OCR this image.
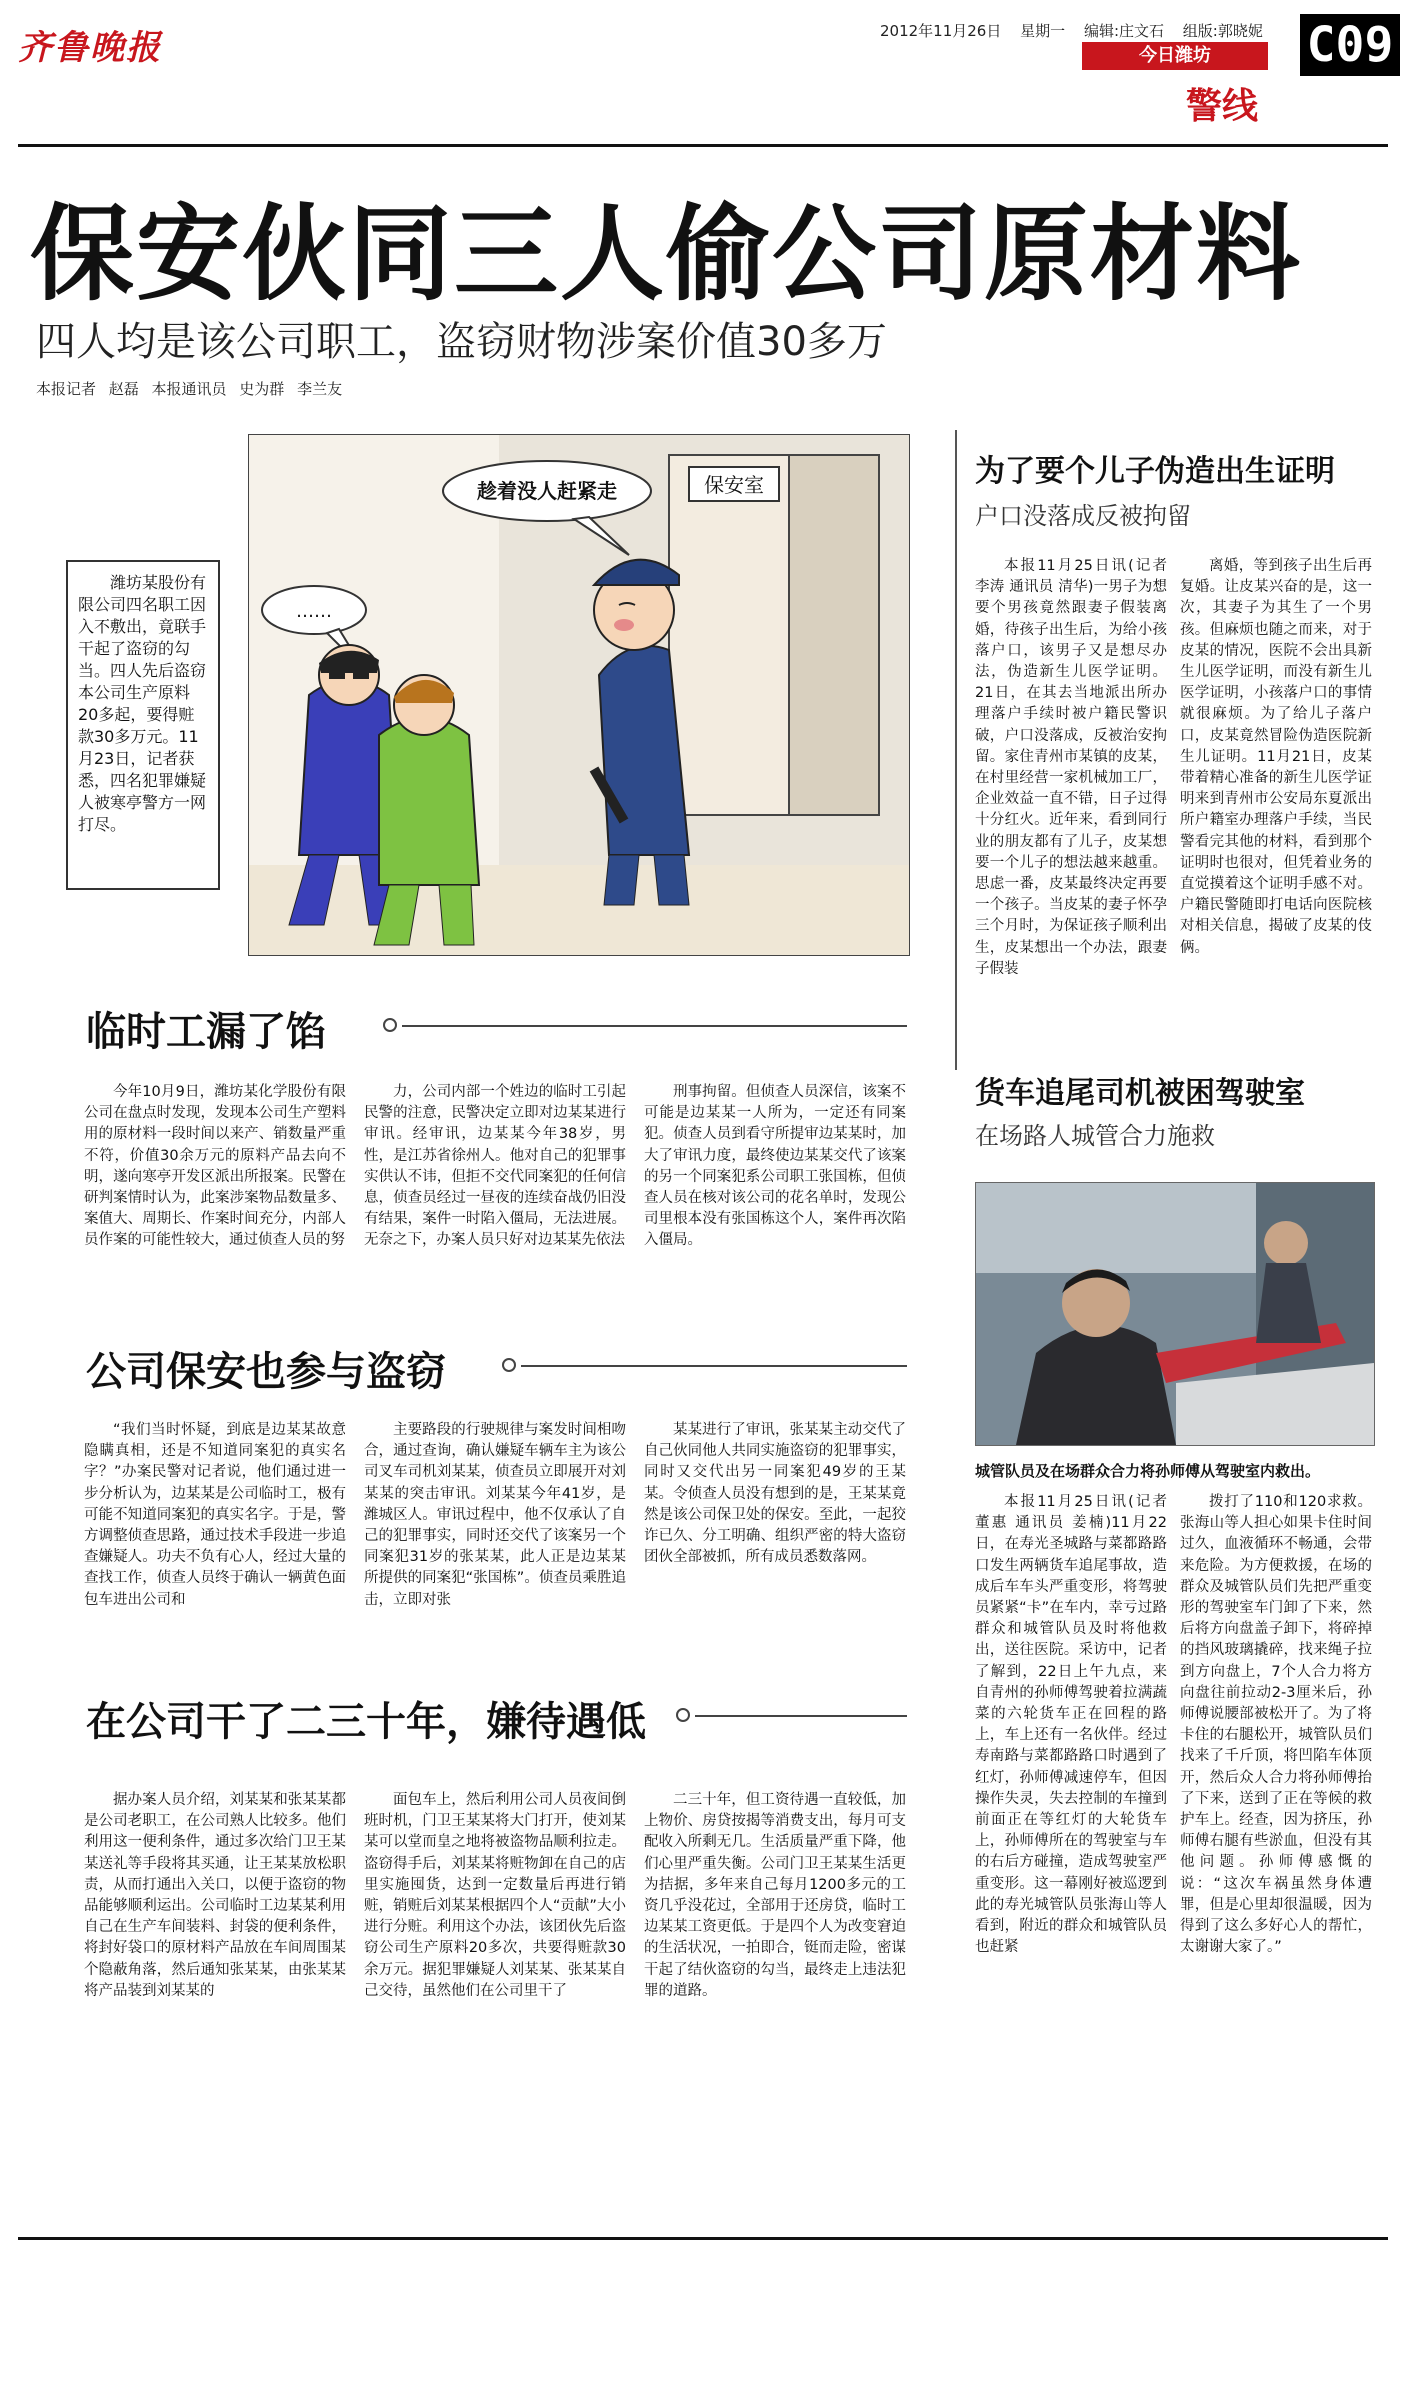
齐鲁晚报	2012年11月26日 星期一 编辑:庄文石 组版:郭晓妮
今日潍坊
警线
C09
保安伙同三人偷公司原材料
四人均是该公司职工，盗窃财物涉案价值30多万
本报记者 赵磊 本报通讯员 史为群 李兰友
保安室
趁着没人赶紧走
……
潍坊某股份有限公司四名职工因入不敷出，竟联手干起了盗窃的勾当。四人先后盗窃本公司生产原料20多起，要得赃款30多万元。11月23日，记者获悉，四名犯罪嫌疑人被寒亭警方一网打尽。
临时工漏了馅
今年10月9日，潍坊某化学股份有限公司在盘点时发现，发现本公司生产塑料用的原材料一段时间以来产、销数量严重不符，价值30余万元的原料产品去向不明，遂向寒亭开发区派出所报案。民警在研判案情时认为，此案涉案物品数量多、案值大、周期长、作案时间充分，内部人员作案的可能性较大，通过侦查人员的努
力，公司内部一个姓边的临时工引起民警的注意，民警决定立即对边某某进行审讯。经审讯，边某某今年38岁，男性，是江苏省徐州人。他对自己的犯罪事实供认不讳，但拒不交代同案犯的任何信息，侦查员经过一昼夜的连续奋战仍旧没有结果，案件一时陷入僵局，无法进展。无奈之下，办案人员只好对边某某先依法
刑事拘留。但侦查人员深信，该案不可能是边某某一人所为，一定还有同案犯。侦查人员到看守所提审边某某时，加大了审讯力度，最终使边某某交代了该案的另一个同案犯系公司职工张国栋，但侦查人员在核对该公司的花名单时，发现公司里根本没有张国栋这个人，案件再次陷入僵局。
公司保安也参与盗窃
“我们当时怀疑，到底是边某某故意隐瞒真相，还是不知道同案犯的真实名字？”办案民警对记者说，他们通过进一步分析认为，边某某是公司临时工，极有可能不知道同案犯的真实名字。于是，警方调整侦查思路，通过技术手段进一步追查嫌疑人。功夫不负有心人，经过大量的查找工作，侦查人员终于确认一辆黄色面包车进出公司和
主要路段的行驶规律与案发时间相吻合，通过查询，确认嫌疑车辆车主为该公司叉车司机刘某某，侦查员立即展开对刘某某的突击审讯。刘某某今年41岁，是潍城区人。审讯过程中，他不仅承认了自己的犯罪事实，同时还交代了该案另一个同案犯31岁的张某某，此人正是边某某所提供的同案犯“张国栋”。侦查员乘胜追击，立即对张
某某进行了审讯，张某某主动交代了自己伙同他人共同实施盗窃的犯罪事实，同时又交代出另一同案犯49岁的王某某。令侦查人员没有想到的是，王某某竟然是该公司保卫处的保安。至此，一起狡诈已久、分工明确、组织严密的特大盗窃团伙全部被抓，所有成员悉数落网。
在公司干了二三十年，嫌待遇低
据办案人员介绍，刘某某和张某某都是公司老职工，在公司熟人比较多。他们利用这一便利条件，通过多次给门卫王某某送礼等手段将其买通，让王某某放松职责，从而打通出入关口，以便于盗窃的物品能够顺利运出。公司临时工边某某利用自己在生产车间装料、封袋的便利条件，将封好袋口的原材料产品放在车间周围某个隐蔽角落，然后通知张某某，由张某某将产品装到刘某某的
面包车上，然后利用公司人员夜间倒班时机，门卫王某某将大门打开，使刘某某可以堂而皇之地将被盗物品顺利拉走。盗窃得手后，刘某某将赃物卸在自己的店里实施囤货，达到一定数量后再进行销赃，销赃后刘某某根据四个人“贡献”大小进行分赃。利用这个办法，该团伙先后盗窃公司生产原料20多次，共要得赃款30余万元。据犯罪嫌疑人刘某某、张某某自己交待，虽然他们在公司里干了
二三十年，但工资待遇一直较低，加上物价、房贷按揭等消费支出，每月可支配收入所剩无几。生活质量严重下降，他们心里严重失衡。公司门卫王某某生活更为拮据，多年来自己每月1200多元的工资几乎没花过，全部用于还房贷，临时工边某某工资更低。于是四个人为改变窘迫的生活状况，一拍即合，铤而走险，密谋干起了结伙盗窃的勾当，最终走上违法犯罪的道路。
为了要个儿子伪造出生证明
户口没落成反被拘留
本报11月25日讯(记者 李涛 通讯员 清华)一男子为想要个男孩竟然跟妻子假装离婚，待孩子出生后，为给小孩落户口，该男子又是想尽办法，伪造新生儿医学证明。21日，在其去当地派出所办理落户手续时被户籍民警识破，户口没落成，反被治安拘留。家住青州市某镇的皮某，在村里经营一家机械加工厂，企业效益一直不错，日子过得十分红火。近年来，看到同行业的朋友都有了儿子，皮某想要一个儿子的想法越来越重。思虑一番，皮某最终决定再要一个孩子。当皮某的妻子怀孕三个月时，为保证孩子顺利出生，皮某想出一个办法，跟妻子假装
离婚，等到孩子出生后再复婚。让皮某兴奋的是，这一次，其妻子为其生了一个男孩。但麻烦也随之而来，对于皮某的情况，医院不会出具新生儿医学证明，而没有新生儿医学证明，小孩落户口的事情就很麻烦。为了给儿子落户口，皮某竟然冒险伪造医院新生儿证明。11月21日，皮某带着精心准备的新生儿医学证明来到青州市公安局东夏派出所户籍室办理落户手续，当民警看完其他的材料，看到那个证明时也很对，但凭着业务的直觉摸着这个证明手感不对。户籍民警随即打电话向医院核对相关信息，揭破了皮某的伎俩。
货车追尾司机被困驾驶室
在场路人城管合力施救
城管队员及在场群众合力将孙师傅从驾驶室内救出。
本报11月25日讯(记者 董惠 通讯员 姜楠)11月22日，在寿光圣城路与菜都路路口发生两辆货车追尾事故，造成后车车头严重变形，将驾驶员紧紧“卡”在车内，幸亏过路群众和城管队员及时将他救出，送往医院。采访中，记者了解到，22日上午九点，来自青州的孙师傅驾驶着拉满蔬菜的六轮货车正在回程的路上，车上还有一名伙伴。经过寿南路与菜都路路口时遇到了红灯，孙师傅减速停车，但因操作失灵，失去控制的车撞到前面正在等红灯的大轮货车上，孙师傅所在的驾驶室与车的右后方碰撞，造成驾驶室严重变形。这一幕刚好被巡逻到此的寿光城管队员张海山等人看到，附近的群众和城管队员也赶紧
拨打了110和120求救。张海山等人担心如果卡住时间过久，血液循环不畅通，会带来危险。为方便救援，在场的群众及城管队员们先把严重变形的驾驶室车门卸了下来，然后将方向盘盖子卸下，将碎掉的挡风玻璃撬碎，找来绳子拉到方向盘上，7个人合力将方向盘往前拉动2-3厘米后，孙师傅说腰部被松开了。为了将卡住的右腿松开，城管队员们找来了千斤顶，将凹陷车体顶开，然后众人合力将孙师傅抬了下来，送到了正在等候的救护车上。经查，因为挤压，孙师傅右腿有些淤血，但没有其他问题。孙师傅感慨的说：“这次车祸虽然身体遭罪，但是心里却很温暖，因为得到了这么多好心人的帮忙，太谢谢大家了。”
